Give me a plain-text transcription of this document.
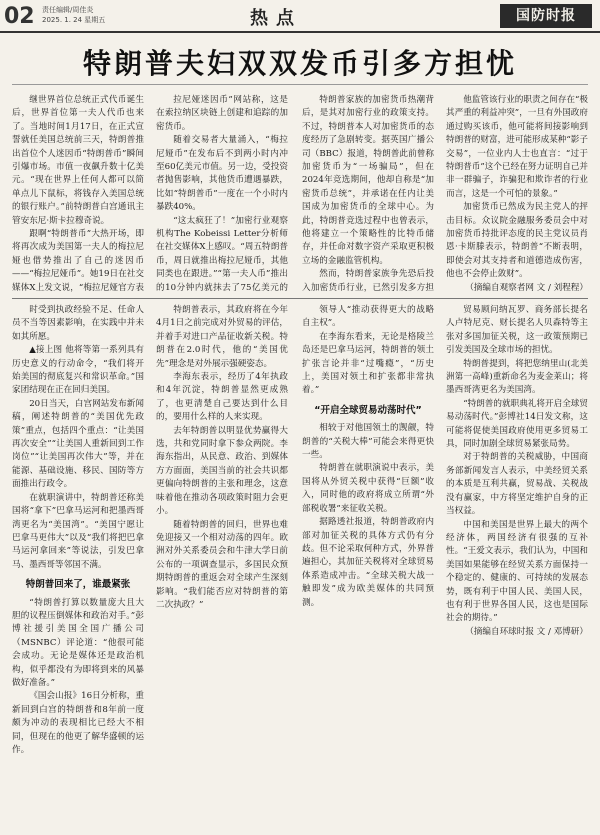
02 责任编辑/周佳炎
2025. 1. 24 星期五	热点	国防时报
特朗普夫妇双双发币引多方担忧

继世界首位总统正式代币诞生后，世界首位第一夫人代币也来了。当地时间1月17日，在正式宣誓就任美国总统前三天，特朗普推出首位个人迷因币“特朗普币”瞬间引爆市场。市值一夜飙升数十亿美元。“现在世界上任何人都可以简单点儿下鼠标，将钱存入美国总统的银行账户。”前特朗普白宫通讯主管安东尼·斯卡拉穆奇说。

跟啊“特朗普币”大热开场，即将再次成为美国第一夫人的梅拉尼娅也借势推出了自己的迷因币——“梅拉尼娅币”。她19日在社交媒体X上发文说，“梅拉尼娅官方表

拉尼娅迷因币”网站称，这是在索拉纳区块链上创建和追踪的加密货币。

随着交易者大量涌入，“梅拉尼娅币”在发布后不到两小时内冲至60亿美元市值。另一边，受投资者抛售影响，其他货币遭遇暴跌，比如“特朗普币”一度在一个小时内暴跌40%。

“这太疯狂了！”加密行业观察机构The Kobeissi Letter分析师在社交媒体X上感叹。“周五特朗普币，周日就推出梅拉尼娅币，其他同类也在跟进。”“第一夫人币”推出的10分钟内就抹去了75亿美元的

特朗普家族的加密货币热潮背后，是其对加密行业的政策支持。不过，特朗普本人对加密货币的态度经历了急剧转变。据英国广播公司（BBC）报道，特朗普此前曾称加密货币为“一场骗局”，但在2024年竞选期间，他却自称是“加密货币总统”，并承诺在任内让美国成为加密货币的全球中心。为此，特朗普竞选过程中也曾表示，他将建立一个策略性的比特币储存，并任命对数字资产采取更积极立场的金融监管机构。

然而，特朗普家族争先恐后投入加密货币行业，已然引发多方担

他监管该行业的职责之间存在“极其严重的利益冲突”，一旦有外国政府通过购买该币，他可能将间接影响到特朗普的财富，进可能形成某种“影子交易”，一位业内人士也直言：“过于特朗普币”这个已经在努力证明自己并非一群骗子，诈骗犯和欺诈者的行业而言，这是一个可怕的景象。”

加密货币已然成为民主党人的抨击目标。众议院金融服务委员会中对加密货币持批评态度的民主党议员肖恩·卡斯滕表示，特朗普“不断表明，即使会对其支持者和道德造成伤害，他也不会停止敛财”。

（摘编自观察者网 文 / 刘程程）

时受到执政经验不足、任命人员不当等因素影响，在实践中并未如其所愿。

▲接上图 他将等第一系列具有历史意义的行动命令，“我们将开始美国的彻底复兴和常识革命。”国家团结现在正在回归美国。

20日当天，白宫网站发布新闻稿，阐述特朗普的“美国优先政策”重点，包括四个重点：“让美国再次安全”“让美国人重新回到工作岗位”“让美国再次伟大”等，并在能源、基础设施、移民、国防等方面推出行政令。

在就职演讲中，特朗普还称美国将“拿下”巴拿马运河和把墨西哥湾更名为“美国湾”。“美国宁愿让巴拿马更伟大”以及“我们将把巴拿马运河拿回来”等说法，引发巴拿马、墨西哥等邻国不满。

特朗普回来了，谁最紧张

“特朗普打算以数量庞大且大胆的议程压倒媒体和政治对手。”彭博社援引美国全国广播公司（MSNBC）评论道：“他很可能会成功。无论是媒体还是政治机构，似乎都没有为即将到来的风暴做好准备。”

《国会山报》16日分析称，重新回到白宫的特朗普和8年前一度颇为冲动的表现相比已经大不相同，但现在的他更了解华盛顿的运作。

特朗普表示，其政府将在今年4月1日之前完成对外贸易的评估，并着手对进口产品征收新关税。特朗普在2.0时代，他的“美国优先”理念是对外展示强硬姿态。

李海东表示，经历了4年执政和4年沉淀，特朗普显然更成熟了，也更清楚自己要达到什么目的，要用什么样的人来实现。

去年特朗普以明显优势赢得大选，共和党同时拿下参众两院。李海东指出，从民意、政治、到媒体方方面面，美国当前的社会共识都更偏向特朗普的主张和理念，这意味着他在推动各项政策时阻力会更小。

随着特朗普的回归，世界也难免迎接又一个相对动荡的四年。欧洲对外关系委员会和牛津大学日前公布的一项调查显示，多国民众预期特朗普的重返会对全球产生深刻影响。“我们能否应对特朗普的第二次执政？”

领导人“推动获得更大的战略自主权”。

在李海东看来，无论是格陵兰岛还是巴拿马运河，特朗普的领土扩张言论并非“过嘴瘾”，“历史上，美国对领土和扩张都非常执着。”

“开启全球贸易动荡时代”

相较于对他国领土的觊觎，特朗普的“关税大棒”可能会来得更快一些。

特朗普在就职演说中表示，美国将从外贸关税中获得“巨额”收入，同时他的政府将成立所谓“外部税收署”来征收关税。

据路透社报道，特朗普政府内部对加征关税的具体方式仍有分歧。但不论采取何种方式，外界普遍担心，其加征关税将对全球贸易体系造成冲击。“全球关税大战一触即发”成为欧美媒体的共同预测。

贸易顾问纳瓦罗、商务部长提名人卢特尼克、财长提名人贝森特等主张对多国加征关税，这一政策预期已引发美国及全球市场的担忧。

特朗普提到，将把您纳里山(北美洲第一高峰)重新命名为麦金莱山；将墨西哥湾更名为美国湾。

“特朗普的就职典礼将开启全球贸易动荡时代。”彭博社14日发文称，这可能将促使美国政府使用更多贸易工具，同时加剧全球贸易紧张局势。

对于特朗普的关税威胁，中国商务部新闻发言人表示，中美经贸关系的本质是互利共赢，贸易战、关税战没有赢家，中方将坚定维护自身的正当权益。

中国和美国是世界上最大的两个经济体，两国经济有很强的互补性。“王爱文表示，我们认为，中国和美国如果能够在经贸关系方面保持一个稳定的、健康的、可持续的发展态势，既有利于中国人民、美国人民，也有利于世界各国人民，这也是国际社会的期待。”

（摘编自环球时报 文 / 邓博研）
